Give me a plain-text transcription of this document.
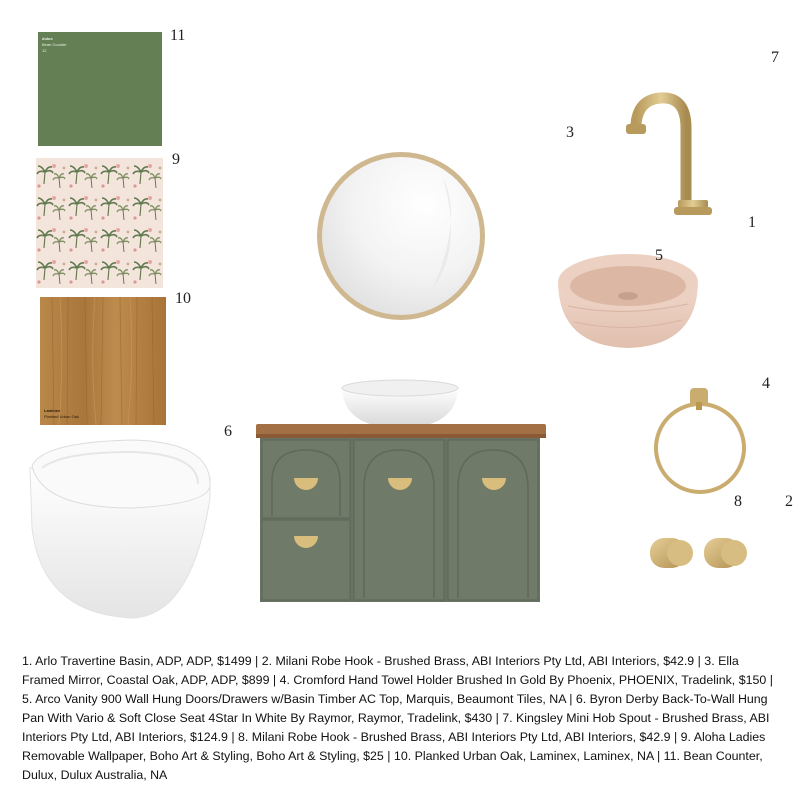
dulux
Bean Counter
12
11
9
Laminex
Planked Urban Oak
10
3
7
1
5
4
8	2
6
1. Arlo Travertine Basin, ADP, ADP, $1499 | 2. Milani Robe Hook - Brushed Brass, ABI Interiors Pty Ltd, ABI Interiors, $42.9 | 3. Ella Framed Mirror, Coastal Oak, ADP, ADP, $899 | 4. Cromford Hand Towel Holder Brushed In Gold By Phoenix, PHOENIX, Tradelink, $150 | 5. Arco Vanity 900 Wall Hung Doors/Drawers w/Basin Timber AC Top, Marquis, Beaumont Tiles, NA | 6. Byron Derby Back-To-Wall Hung Pan With Vario & Soft Close Seat 4Star In White By Raymor, Raymor, Tradelink, $430 | 7. Kingsley Mini Hob Spout - Brushed Brass, ABI Interiors Pty Ltd, ABI Interiors, $124.9 | 8. Milani Robe Hook - Brushed Brass, ABI Interiors Pty Ltd, ABI Interiors, $42.9 | 9. Aloha Ladies Removable Wallpaper, Boho Art & Styling, Boho Art & Styling, $25 | 10. Planked Urban Oak, Laminex, Laminex, NA | 11. Bean Counter, Dulux, Dulux Australia, NA
